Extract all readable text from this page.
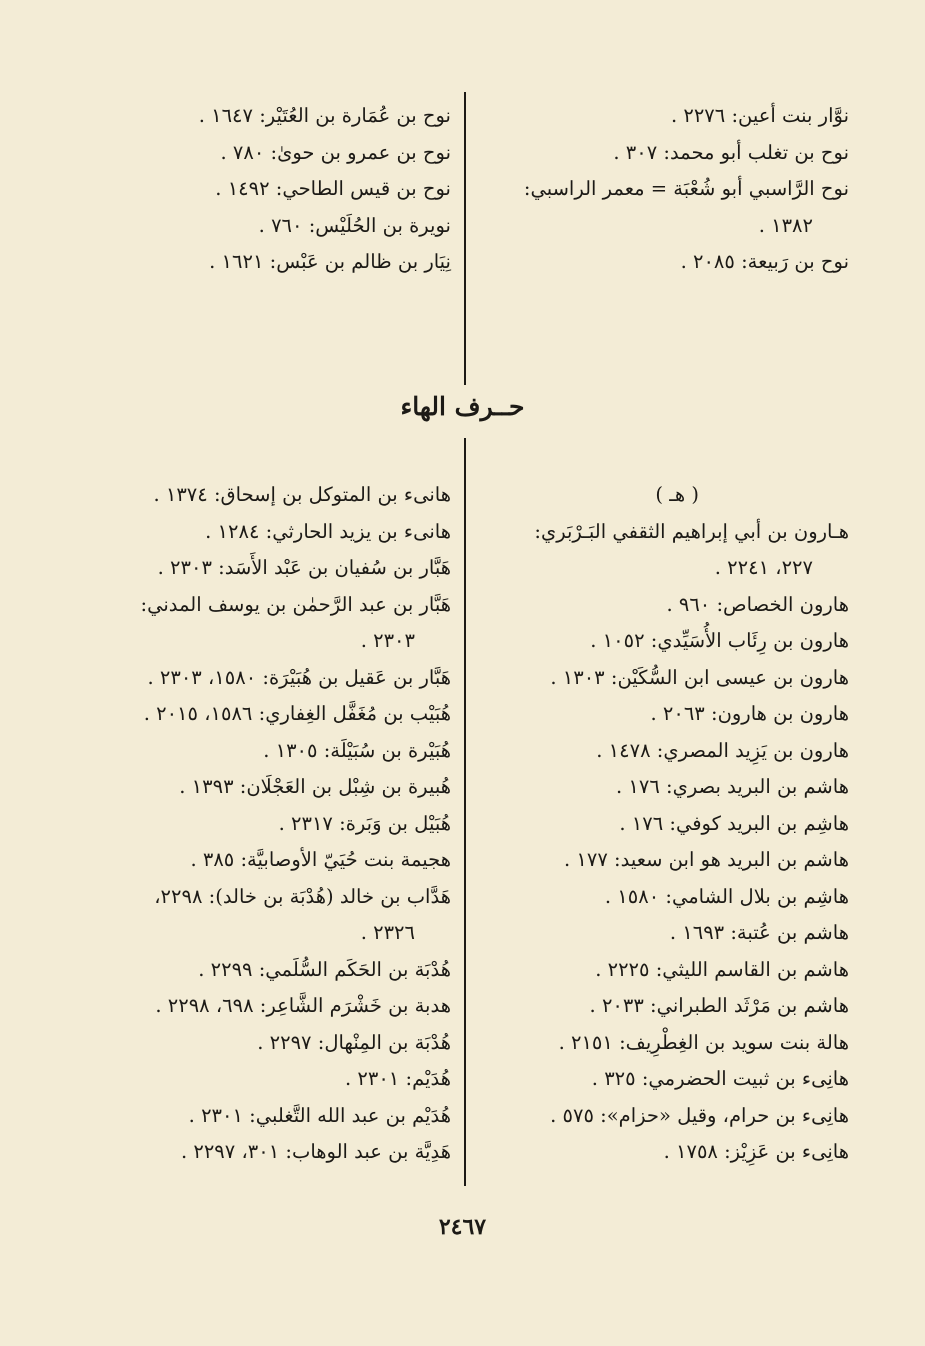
نوَّار بنت أعين: ٢٢٧٦ .
نوح بن تغلب أبو محمد: ٣٠٧ .
نوح الرَّاسبي أبو شُعْبَة = معمر الراسبي:
١٣٨٢ .
نوح بن رَبيعة: ٢٠٨٥ .
نوح بن عُمَارة بن العُتَيْر: ١٦٤٧ .
نوح بن عمرو بن حوىٰ: ٧٨٠ .
نوح بن قيس الطاحي: ١٤٩٢ .
نويرة بن الحُلَيْس: ٧٦٠ .
نِيَار بن ظالم بن عَبْس: ١٦٢١ .
حــرف الهاء
( هـ )
هـارون بن أبي إبراهيم الثقفي البَـرْبَري:
٢٢٧، ٢٢٤١ .
هارون الخصاص: ٩٦٠ .
هارون بن رِئَاب الأُسَيِّدي: ١٠٥٢ .
هارون بن عيسى ابن السُّكَيْن: ١٣٠٣ .
هارون بن هارون: ٢٠٦٣ .
هارون بن يَزِيد المصري: ١٤٧٨ .
هاشم بن البريد بصري: ١٧٦ .
هاشِم بن البريد كوفي: ١٧٦ .
هاشم بن البريد هو ابن سعيد: ١٧٧ .
هاشِم بن بلال الشامي: ١٥٨٠ .
هاشم بن عُتبة: ١٦٩٣ .
هاشم بن القاسم الليثي: ٢٢٢٥ .
هاشم بن مَرْثَد الطبراني: ٢٠٣٣ .
هالة بنت سويد بن الغِطْرِيف: ٢١٥١ .
هانِىء بن ثبيت الحضرمي: ٣٢٥ .
هانِىء بن حرام، وقيل «حزام»: ٥٧٥ .
هانِىء بن عَزِيْز: ١٧٥٨ .
هانىء بن المتوكل بن إسحاق: ١٣٧٤ .
هانىء بن يزيد الحارثي: ١٢٨٤ .
هَبَّار بن سُفيان بن عَبْد الأَسَد: ٢٣٠٣ .
هَبَّار بن عبد الرَّحمٰن بن يوسف المدني:
٢٣٠٣ .
هَبَّار بن عَقيل بن هُبَيْرَة: ١٥٨٠، ٢٣٠٣ .
هُبَيْب بن مُغَفَّل الغِفاري: ١٥٨٦، ٢٠١٥ .
هُبَيْرة بن سُبَيْلَة: ١٣٠٥ .
هُبيرة بن شِبْل بن العَجْلَان: ١٣٩٣ .
هُبَيْل بن وَبَرة: ٢٣١٧ .
هجيمة بنت حُيَيّ الأوصابيَّة: ٣٨٥ .
هَدَّاب بن خالد (هُدْبَة بن خالد): ٢٢٩٨،
٢٣٢٦ .
هُدْبَة بن الحَكَم السُّلَمي: ٢٢٩٩ .
هدبة بن خَشْرَم الشَّاعِر: ٦٩٨، ٢٢٩٨ .
هُدْبَة بن المِنْهال: ٢٢٩٧ .
هُدَيْم: ٢٣٠١ .
هُدَيْم بن عبد الله التَّغلبي: ٢٣٠١ .
هَدِيَّة بن عبد الوهاب: ٣٠١، ٢٢٩٧ .
٢٤٦٧
